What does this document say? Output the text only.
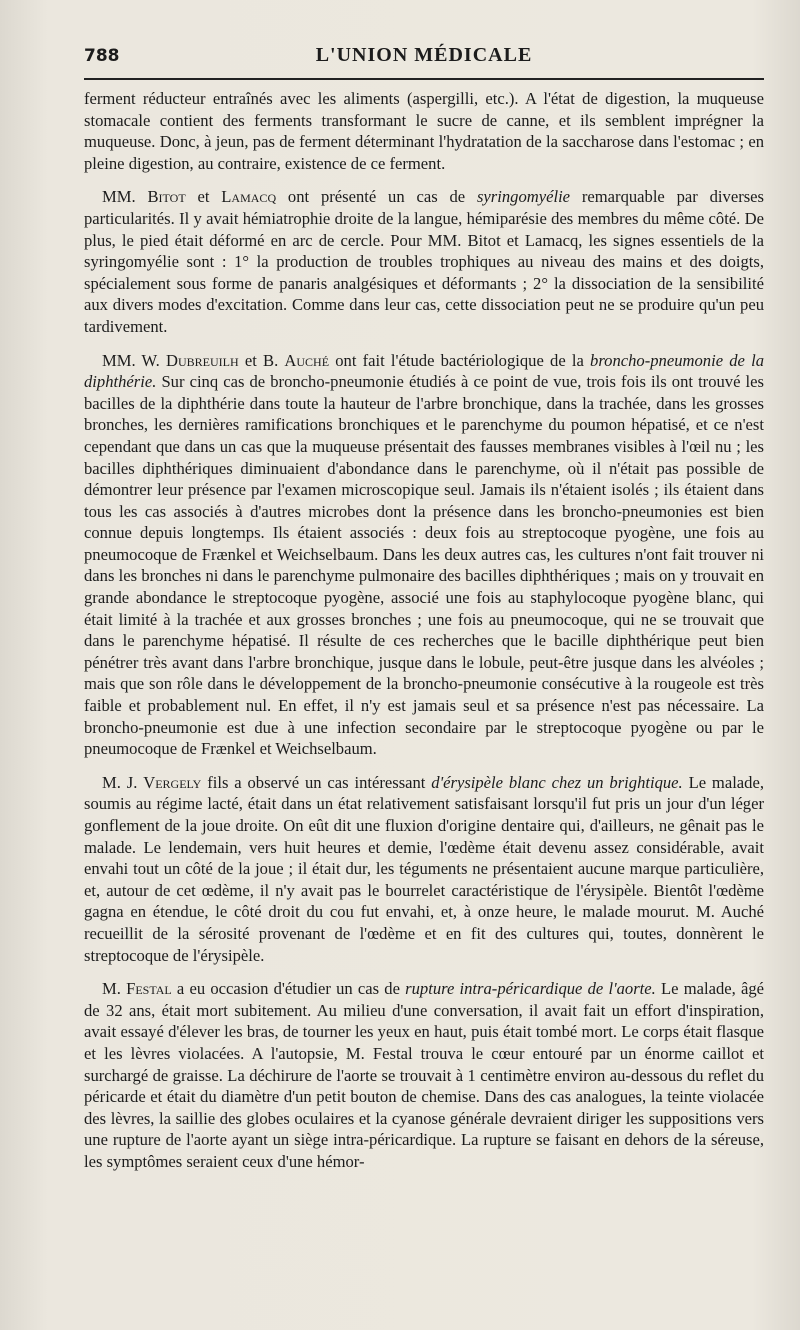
788	L'UNION MÉDICALE

ferment réducteur entraînés avec les aliments (aspergilli, etc.). A l'état de digestion, la muqueuse stomacale contient des ferments transformant le sucre de canne, et ils semblent imprégner la muqueuse. Donc, à jeun, pas de ferment déterminant l'hydratation de la saccharose dans l'estomac ; en pleine digestion, au contraire, existence de ce ferment.

MM. Bitot et Lamacq ont présenté un cas de syringomyélie remarquable par diverses particularités. Il y avait hémiatrophie droite de la langue, hémiparésie des membres du même côté. De plus, le pied était déformé en arc de cercle. Pour MM. Bitot et Lamacq, les signes essentiels de la syringomyélie sont : 1° la production de troubles trophiques au niveau des mains et des doigts, spécialement sous forme de panaris analgésiques et déformants ; 2° la dissociation de la sensibilité aux divers modes d'excitation. Comme dans leur cas, cette dissociation peut ne se produire qu'un peu tardivement.

MM. W. Dubreuilh et B. Auché ont fait l'étude bactériologique de la broncho-pneumonie de la diphthérie. Sur cinq cas de broncho-pneumonie étudiés à ce point de vue, trois fois ils ont trouvé les bacilles de la diphthérie dans toute la hauteur de l'arbre bronchique, dans la trachée, dans les grosses bronches, les dernières ramifications bronchiques et le parenchyme du poumon hépatisé, et ce n'est cependant que dans un cas que la muqueuse présentait des fausses membranes visibles à l'œil nu ; les bacilles diphthériques diminuaient d'abondance dans le parenchyme, où il n'était pas possible de démontrer leur présence par l'examen microscopique seul. Jamais ils n'étaient isolés ; ils étaient dans tous les cas associés à d'autres microbes dont la présence dans les broncho-pneumonies est bien connue depuis longtemps. Ils étaient associés : deux fois au streptocoque pyogène, une fois au pneumocoque de Frænkel et Weichselbaum. Dans les deux autres cas, les cultures n'ont fait trouver ni dans les bronches ni dans le parenchyme pulmonaire des bacilles diphthériques ; mais on y trouvait en grande abondance le streptocoque pyogène, associé une fois au staphylocoque pyogène blanc, qui était limité à la trachée et aux grosses bronches ; une fois au pneumocoque, qui ne se trouvait que dans le parenchyme hépatisé. Il résulte de ces recherches que le bacille diphthérique peut bien pénétrer très avant dans l'arbre bronchique, jusque dans le lobule, peut-être jusque dans les alvéoles ; mais que son rôle dans le développement de la broncho-pneumonie consécutive à la rougeole est très faible et probablement nul. En effet, il n'y est jamais seul et sa présence n'est pas nécessaire. La broncho-pneumonie est due à une infection secondaire par le streptocoque pyogène ou par le pneumocoque de Frænkel et Weichselbaum.

M. J. Vergely fils a observé un cas intéressant d'érysipèle blanc chez un brightique. Le malade, soumis au régime lacté, était dans un état relativement satisfaisant lorsqu'il fut pris un jour d'un léger gonflement de la joue droite. On eût dit une fluxion d'origine dentaire qui, d'ailleurs, ne gênait pas le malade. Le lendemain, vers huit heures et demie, l'œdème était devenu assez considérable, avait envahi tout un côté de la joue ; il était dur, les téguments ne présentaient aucune marque particulière, et, autour de cet œdème, il n'y avait pas le bourrelet caractéristique de l'érysipèle. Bientôt l'œdème gagna en étendue, le côté droit du cou fut envahi, et, à onze heure, le malade mourut. M. Auché recueillit de la sérosité provenant de l'œdème et en fit des cultures qui, toutes, donnèrent le streptocoque de l'érysipèle.

M. Festal a eu occasion d'étudier un cas de rupture intra-péricardique de l'aorte. Le malade, âgé de 32 ans, était mort subitement. Au milieu d'une conversation, il avait fait un effort d'inspiration, avait essayé d'élever les bras, de tourner les yeux en haut, puis était tombé mort. Le corps était flasque et les lèvres violacées. A l'autopsie, M. Festal trouva le cœur entouré par un énorme caillot et surchargé de graisse. La déchirure de l'aorte se trouvait à 1 centimètre environ au-dessous du reflet du péricarde et était du diamètre d'un petit bouton de chemise. Dans des cas analogues, la teinte violacée des lèvres, la saillie des globes oculaires et la cyanose générale devraient diriger les suppositions vers une rupture de l'aorte ayant un siège intra-péricardique. La rupture se faisant en dehors de la séreuse, les symptômes seraient ceux d'une hémor-
